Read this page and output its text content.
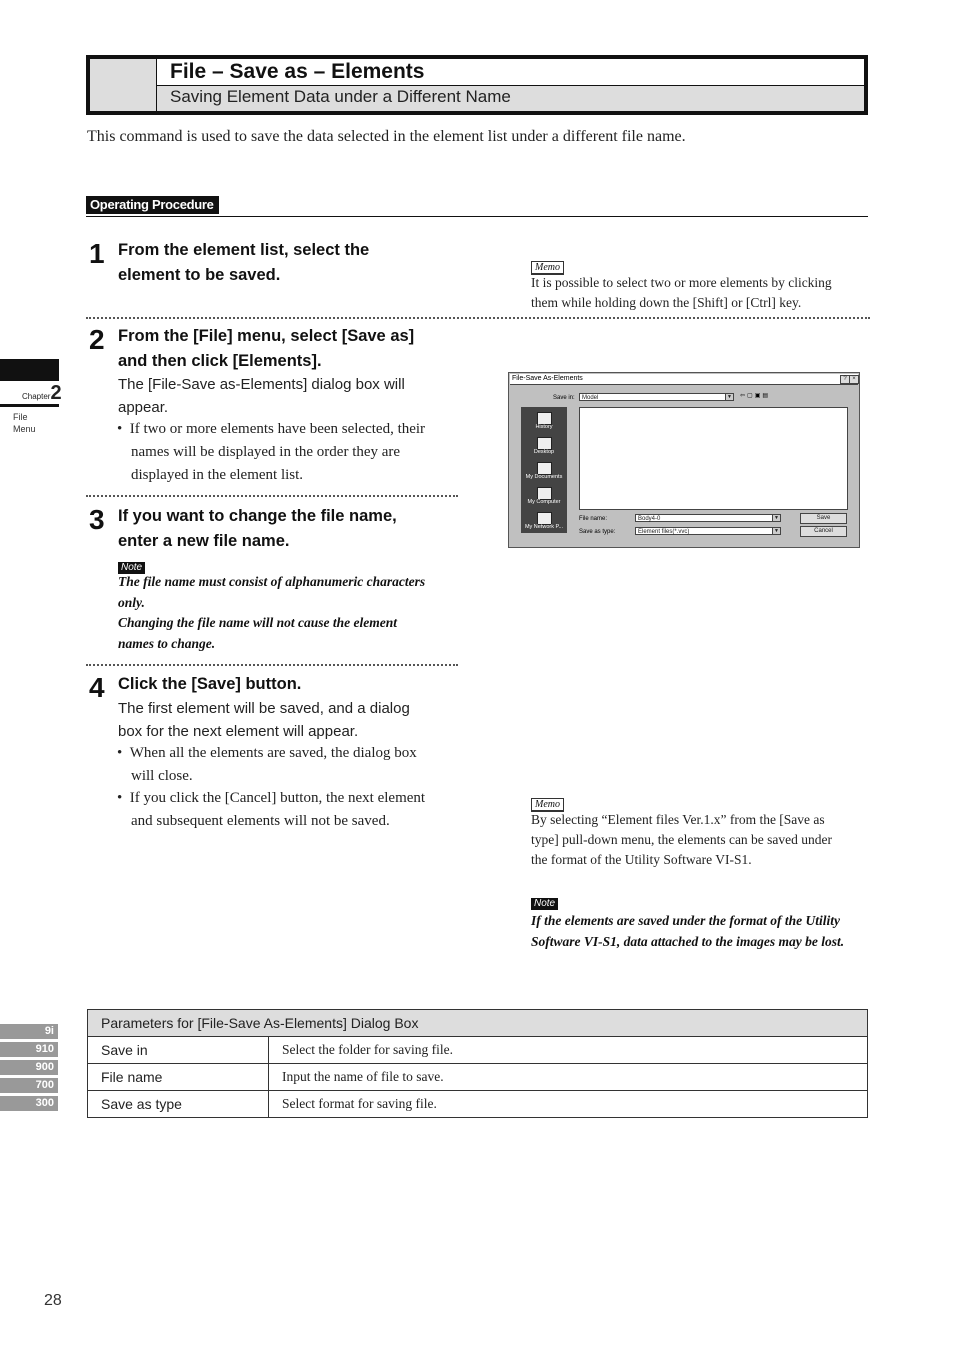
File – Save as – Elements
Saving Element Data under a Different Name
This command is used to save the data selected in the element list under a different file name.
Operating Procedure
1 From the element list, select the
element to be saved.	Memo
It is possible to select two or more elements by clicking
them while holding down the [Shift] or [Ctrl] key.
2 From the [File] menu, select [Save as]
and then click [Elements].
The [File-Save as-Elements] dialog box will
appear.
•  If two or more elements have been selected, their
names will be displayed in the order they are
displayed in the element list.
3 If you want to change the file name,
enter a new file name.
Note
The file name must consist of alphanumeric characters
only.
Changing the file name will not cause the element
names to change.
4 Click the [Save] button.
The first element will be saved, and a dialog
box for the next element will appear.
•  When all the elements are saved, the dialog box
will close.
•  If you click the [Cancel] button, the next element
and subsequent elements will not be saved.
Memo
By selecting “Element files Ver.1.x” from the [Save as
type] pull-down menu, the elements can be saved under
the format of the Utility Software VI-S1.
Note
If the elements are saved under the format of the Utility
Software VI-S1, data attached to the images may be lost.
File-Save As-Elements	? ×
Save in:	Model	▼ ⇦▢▣▤
History
Desktop
My Documents
My Computer
My Network P...
File name:	Body4-0	▼
Save as type:	Element files(*.vvc)	▼
Save
Cancel
Chapter2
File
Menu
9i
910
900
700
300
Parameters for [File-Save As-Elements] Dialog Box	
Save in	Select the folder for saving file.
File name	Input the name of file to save.
Save as type	Select format for saving file.
28
